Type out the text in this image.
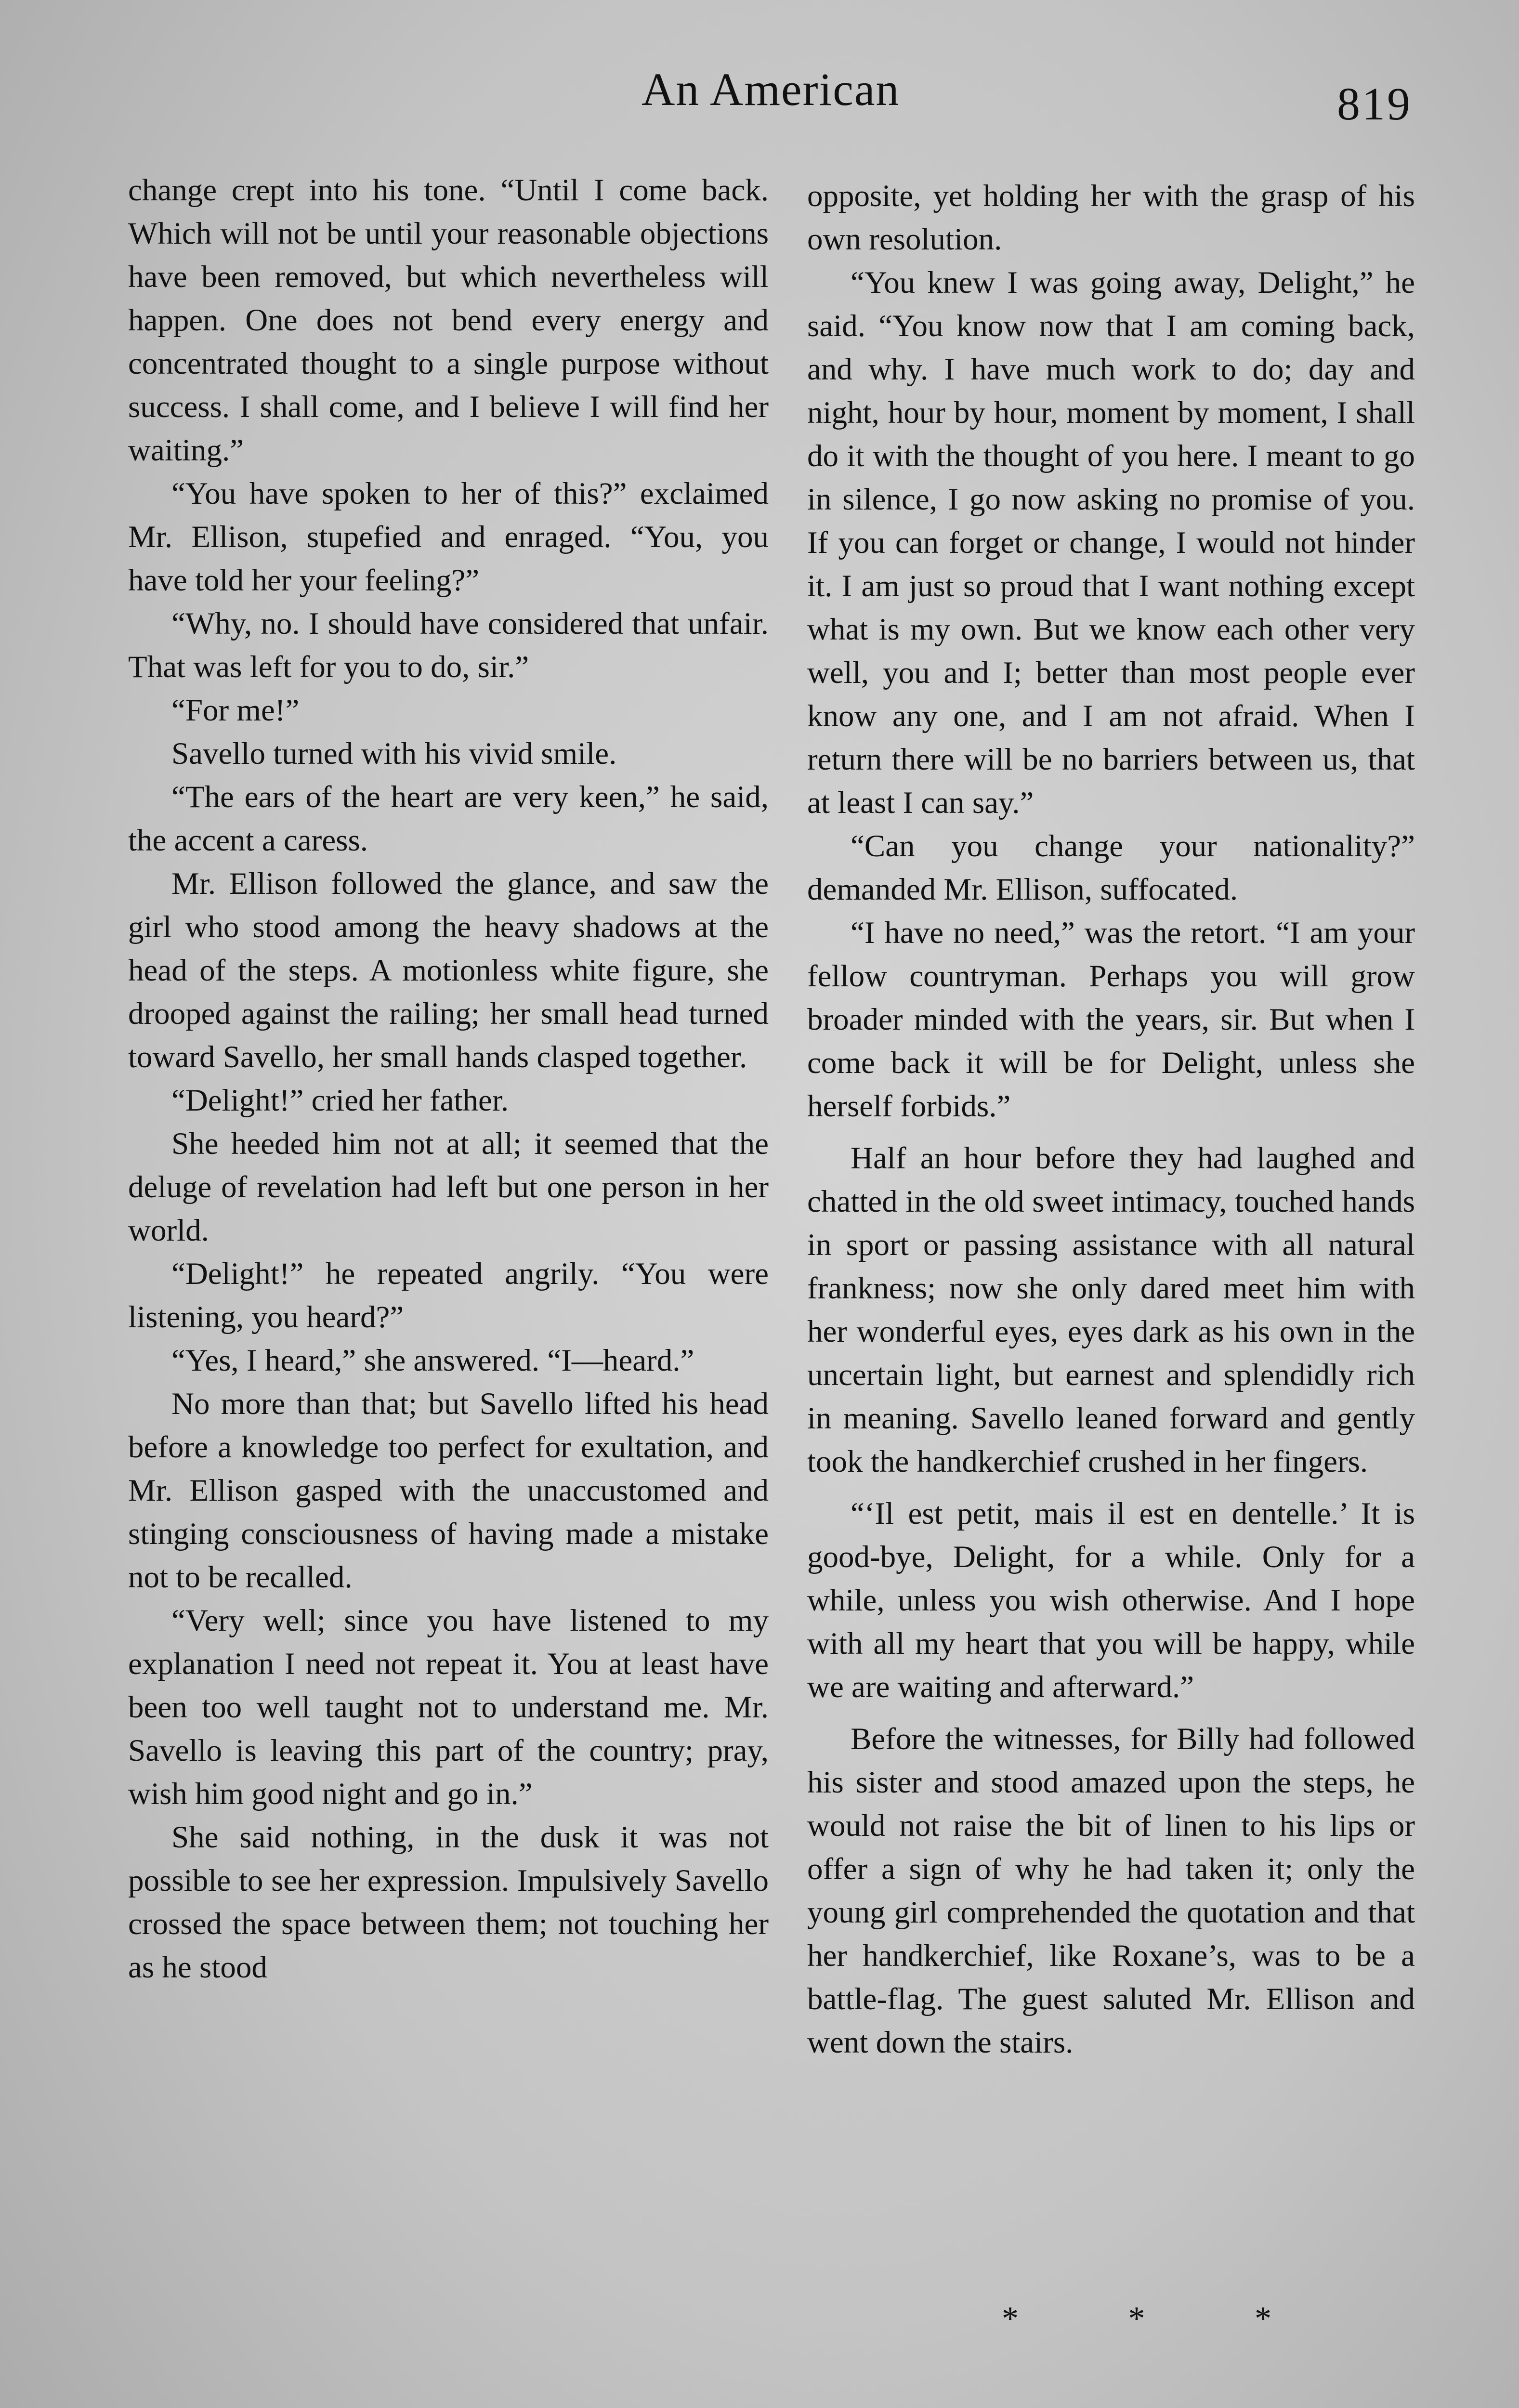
An American	819

change crept into his tone. “Until I come back. Which will not be until your reasonable objections have been removed, but which nevertheless will happen. One does not bend every energy and concentrated thought to a single purpose without success. I shall come, and I believe I will find her waiting.”

“You have spoken to her of this?” exclaimed Mr. Ellison, stupefied and enraged. “You, you have told her your feeling?”

“Why, no. I should have considered that unfair. That was left for you to do, sir.”

“For me!”

Savello turned with his vivid smile.

“The ears of the heart are very keen,” he said, the accent a caress.

Mr. Ellison followed the glance, and saw the girl who stood among the heavy shadows at the head of the steps. A motionless white figure, she drooped against the railing; her small head turned toward Savello, her small hands clasped together.

“Delight!” cried her father.

She heeded him not at all; it seemed that the deluge of revelation had left but one person in her world.

“Delight!” he repeated angrily. “You were listening, you heard?”

“Yes, I heard,” she answered. “I—heard.”

No more than that; but Savello lifted his head before a knowledge too perfect for exultation, and Mr. Ellison gasped with the unaccustomed and stinging consciousness of having made a mistake not to be recalled.

“Very well; since you have listened to my explanation I need not repeat it. You at least have been too well taught not to understand me. Mr. Savello is leaving this part of the country; pray, wish him good night and go in.”

She said nothing, in the dusk it was not possible to see her expression. Impulsively Savello crossed the space between them; not touching her as he stood

opposite, yet holding her with the grasp of his own resolution.

“You knew I was going away, Delight,” he said. “You know now that I am coming back, and why. I have much work to do; day and night, hour by hour, moment by moment, I shall do it with the thought of you here. I meant to go in silence, I go now asking no promise of you. If you can forget or change, I would not hinder it. I am just so proud that I want nothing except what is my own. But we know each other very well, you and I; better than most people ever know any one, and I am not afraid. When I return there will be no barriers between us, that at least I can say.”

“Can you change your nationality?” demanded Mr. Ellison, suffocated.

“I have no need,” was the retort. “I am your fellow countryman. Perhaps you will grow broader minded with the years, sir. But when I come back it will be for Delight, unless she herself forbids.”

Half an hour before they had laughed and chatted in the old sweet intimacy, touched hands in sport or passing assistance with all natural frankness; now she only dared meet him with her wonderful eyes, eyes dark as his own in the uncertain light, but earnest and splendidly rich in meaning. Savello leaned forward and gently took the handkerchief crushed in her fingers.

“‘Il est petit, mais il est en dentelle.’ It is good-bye, Delight, for a while. Only for a while, unless you wish otherwise. And I hope with all my heart that you will be happy, while we are waiting and afterward.”

Before the witnesses, for Billy had followed his sister and stood amazed upon the steps, he would not raise the bit of linen to his lips or offer a sign of why he had taken it; only the young girl comprehended the quotation and that her handkerchief, like Roxane’s, was to be a battle-flag. The guest saluted Mr. Ellison and went down the stairs.

*	*	*
